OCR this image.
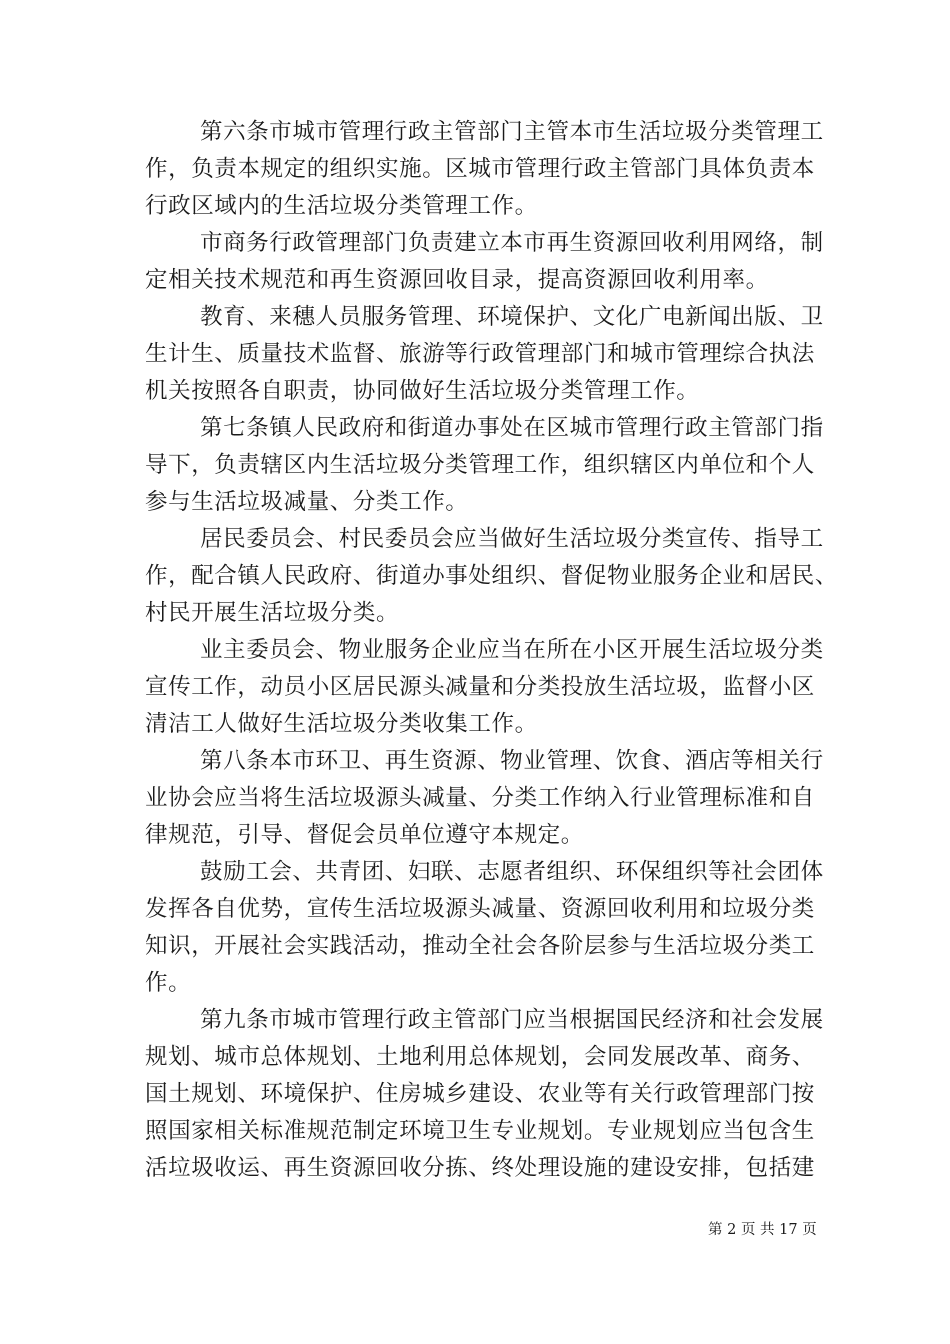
第六条市城市管理行政主管部门主管本市生活垃圾分类管理工
作，负责本规定的组织实施。区城市管理行政主管部门具体负责本
行政区域内的生活垃圾分类管理工作。
市商务行政管理部门负责建立本市再生资源回收利用网络，制
定相关技术规范和再生资源回收目录，提高资源回收利用率。
教育、来穗人员服务管理、环境保护、文化广电新闻出版、卫
生计生、质量技术监督、旅游等行政管理部门和城市管理综合执法
机关按照各自职责，协同做好生活垃圾分类管理工作。
第七条镇人民政府和街道办事处在区城市管理行政主管部门指
导下，负责辖区内生活垃圾分类管理工作，组织辖区内单位和个人
参与生活垃圾减量、分类工作。
居民委员会、村民委员会应当做好生活垃圾分类宣传、指导工
作，配合镇人民政府、街道办事处组织、督促物业服务企业和居民、
村民开展生活垃圾分类。
业主委员会、物业服务企业应当在所在小区开展生活垃圾分类
宣传工作，动员小区居民源头减量和分类投放生活垃圾，监督小区
清洁工人做好生活垃圾分类收集工作。
第八条本市环卫、再生资源、物业管理、饮食、酒店等相关行
业协会应当将生活垃圾源头减量、分类工作纳入行业管理标准和自
律规范，引导、督促会员单位遵守本规定。
鼓励工会、共青团、妇联、志愿者组织、环保组织等社会团体
发挥各自优势，宣传生活垃圾源头减量、资源回收利用和垃圾分类
知识，开展社会实践活动，推动全社会各阶层参与生活垃圾分类工
作。
第九条市城市管理行政主管部门应当根据国民经济和社会发展
规划、城市总体规划、土地利用总体规划，会同发展改革、商务、
国土规划、环境保护、住房城乡建设、农业等有关行政管理部门按
照国家相关标准规范制定环境卫生专业规划。专业规划应当包含生
活垃圾收运、再生资源回收分拣、终处理设施的建设安排，包括建
第 2 页 共 17 页
